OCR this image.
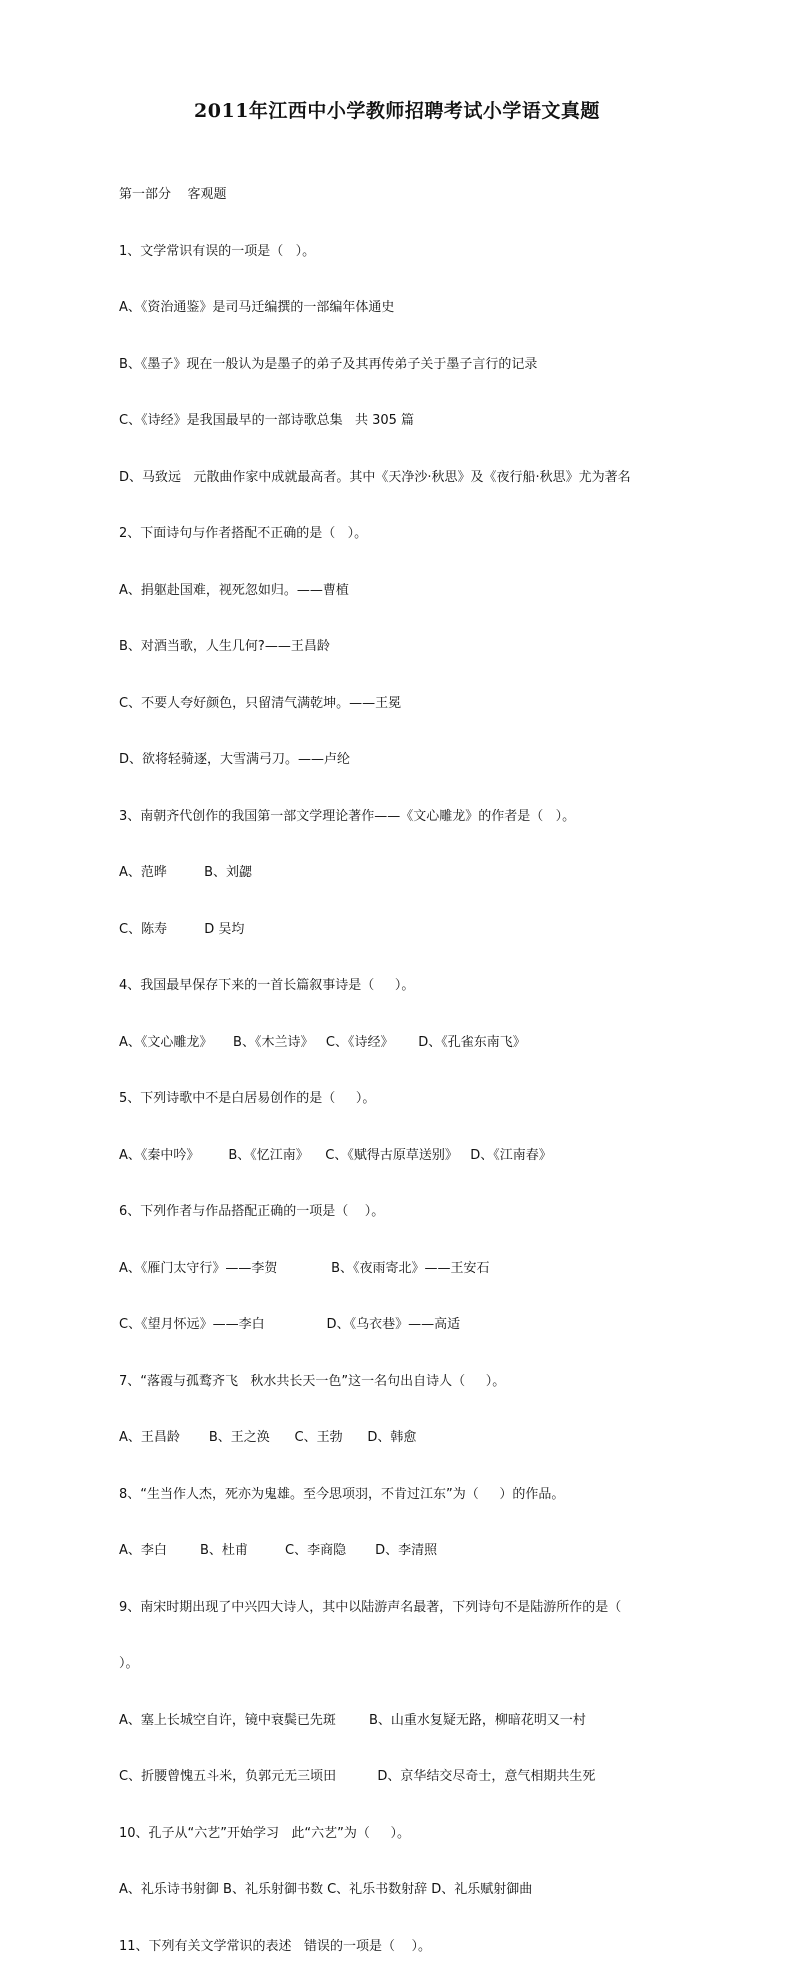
2011年江西中小学教师招聘考试小学语文真题

第一部分    客观题

1、文学常识有误的一项是（   ）。

A、《资治通鉴》是司马迁编撰的一部编年体通史

B、《墨子》现在一般认为是墨子的弟子及其再传弟子关于墨子言行的记录

C、《诗经》是我国最早的一部诗歌总集   共 305 篇

D、马致远   元散曲作家中成就最高者。其中《天净沙·秋思》及《夜行船·秋思》尤为著名

2、下面诗句与作者搭配不正确的是（   ）。

A、捐躯赴国难，视死忽如归。——曹植

B、对酒当歌，人生几何?——王昌龄

C、不要人夸好颜色，只留清气满乾坤。——王冕

D、欲将轻骑逐，大雪满弓刀。——卢纶

3、南朝齐代创作的我国第一部文学理论著作——《文心雕龙》的作者是（   ）。

A、范晔         B、刘勰

C、陈寿         D 吴均

4、我国最早保存下来的一首长篇叙事诗是（     ）。

A、《文心雕龙》     B、《木兰诗》   C、《诗经》      D、《孔雀东南飞》

5、下列诗歌中不是白居易创作的是（     ）。

A、《秦中吟》       B、《忆江南》    C、《赋得古原草送别》   D、《江南春》

6、下列作者与作品搭配正确的一项是（    ）。

A、《雁门太守行》——李贺             B、《夜雨寄北》——王安石

C、《望月怀远》——李白               D、《乌衣巷》——高适

7、“落霞与孤鹜齐飞   秋水共长天一色”这一名句出自诗人（     ）。

A、王昌龄       B、王之涣      C、王勃      D、韩愈

8、“生当作人杰，死亦为鬼雄。至今思项羽，不肯过江东”为（     ）的作品。

A、李白        B、杜甫         C、李商隐       D、李清照

9、南宋时期出现了中兴四大诗人，其中以陆游声名最著，下列诗句不是陆游所作的是（

）。

A、塞上长城空自许，镜中衰鬓已先斑        B、山重水复疑无路，柳暗花明又一村

C、折腰曾愧五斗米，负郭元无三顷田          D、京华结交尽奇士，意气相期共生死

10、孔子从“六艺”开始学习   此“六艺”为（     ）。

A、礼乐诗书射御 B、礼乐射御书数 C、礼乐书数射辞 D、礼乐赋射御曲

11、下列有关文学常识的表述   错误的一项是（    ）。
